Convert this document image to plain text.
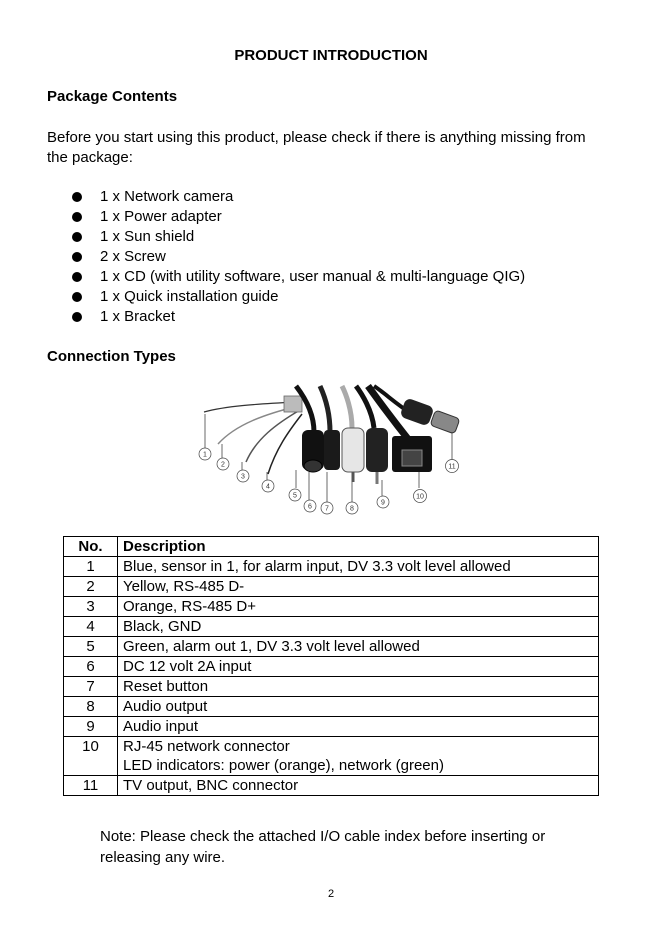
PRODUCT INTRODUCTION
Package Contents
Before you start using this product, please check if there is anything missing from the package:
1 x Network camera
1 x Power adapter
1 x Sun shield
2 x Screw
1 x CD (with utility software, user manual & multi-language QIG)
1 x Quick installation guide
1 x Bracket
Connection Types
1
2
3
4
5
6 7	8
9
10
11
No.	Description
1	Blue, sensor in 1, for alarm input, DV 3.3 volt level allowed
2	Yellow, RS-485 D-
3	Orange, RS-485 D+
4	Black, GND
5	Green, alarm out 1, DV 3.3 volt level allowed
6	DC 12 volt 2A input
7	Reset button
8	Audio output
9	Audio input
10	RJ-45 network connector
LED indicators: power (orange), network (green)

11	TV output, BNC connector
Note: Please check the attached I/O cable index before inserting or releasing any wire.
2
